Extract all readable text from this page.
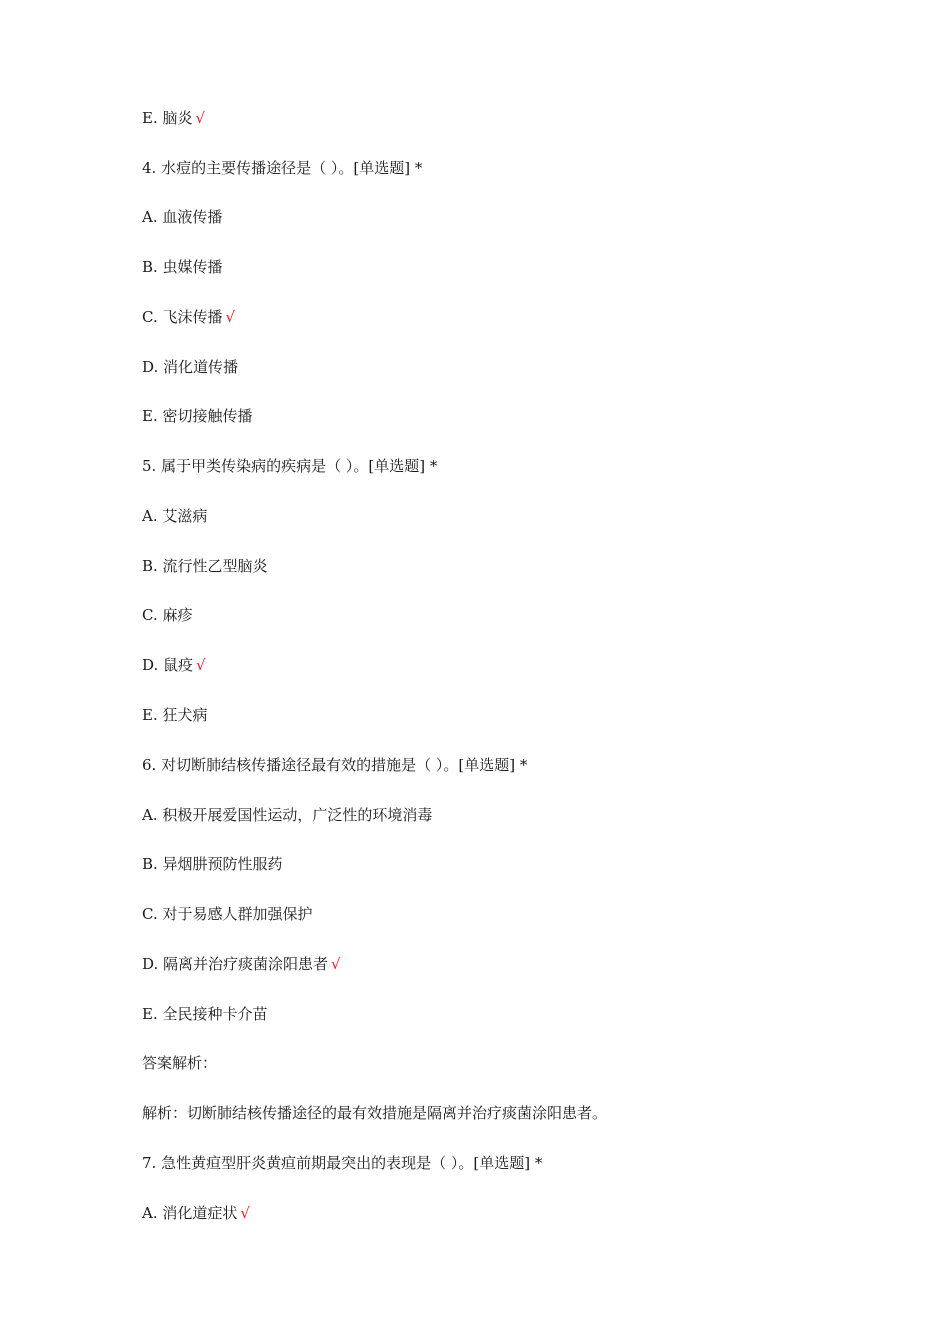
E. 脑炎 √
4. 水痘的主要传播途径是（ ）。[单选题] *
A. 血液传播
B. 虫媒传播
C. 飞沫传播 √
D. 消化道传播
E. 密切接触传播
5. 属于甲类传染病的疾病是（ ）。[单选题] *
A. 艾滋病
B. 流行性乙型脑炎
C. 麻疹
D. 鼠疫 √
E. 狂犬病
6. 对切断肺结核传播途径最有效的措施是（ ）。[单选题] *
A. 积极开展爱国性运动，广泛性的环境消毒
B. 异烟肼预防性服药
C. 对于易感人群加强保护
D. 隔离并治疗痰菌涂阳患者 √
E. 全民接种卡介苗
答案解析：
解析：切断肺结核传播途径的最有效措施是隔离并治疗痰菌涂阳患者。
7. 急性黄疸型肝炎黄疸前期最突出的表现是（ ）。[单选题] *
A. 消化道症状 √
